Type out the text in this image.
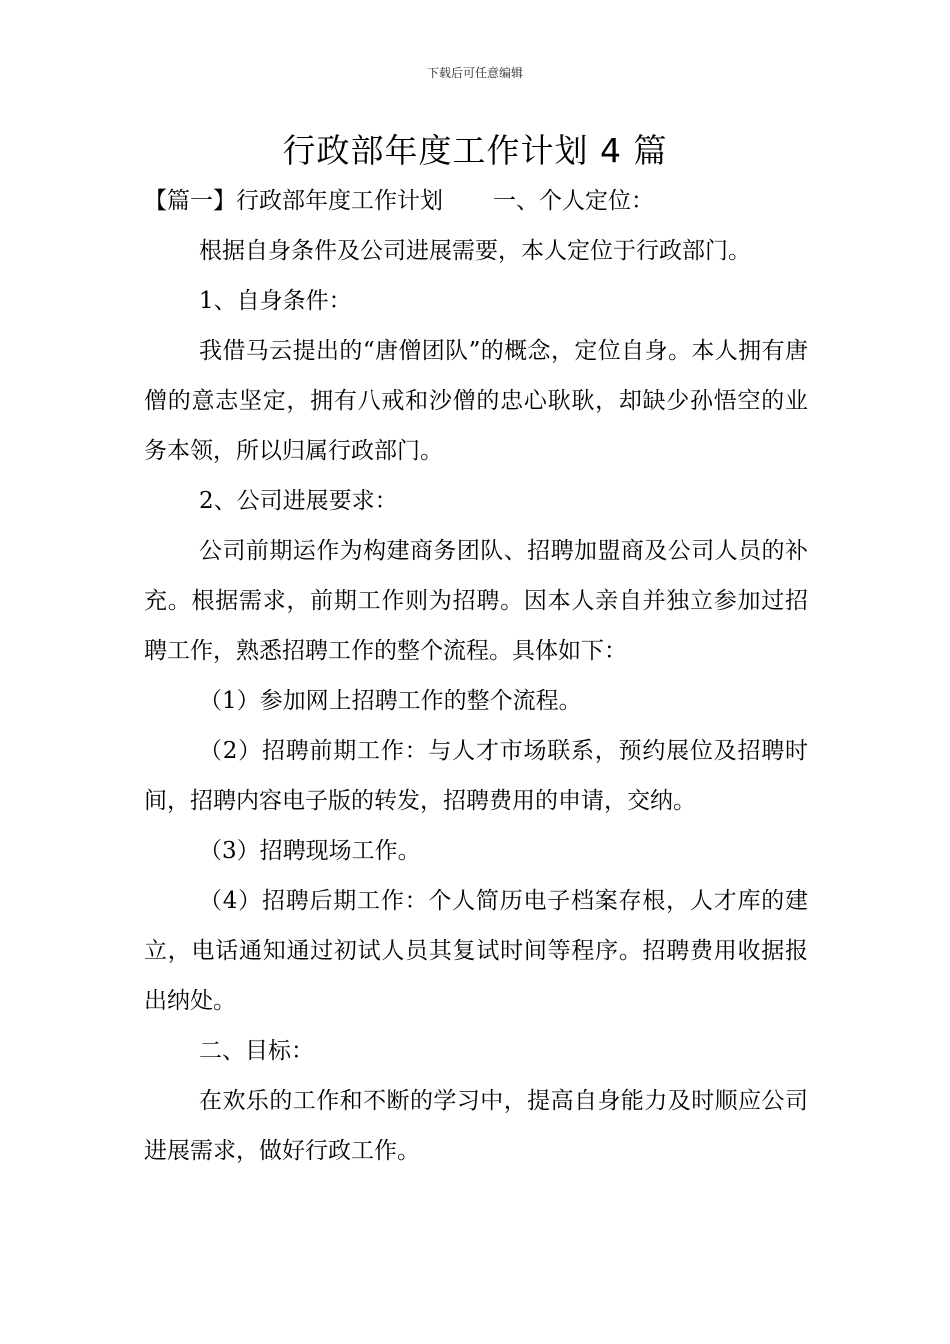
下载后可任意编辑
行政部年度工作计划 4 篇

【篇一】行政部年度工作计划 一、个人定位：

根据自身条件及公司进展需要，本人定位于行政部门。

1、自身条件：

我借马云提出的“唐僧团队”的概念，定位自身。本人拥有唐僧的意志坚定，拥有八戒和沙僧的忠心耿耿，却缺少孙悟空的业务本领，所以归属行政部门。

2、公司进展要求：

公司前期运作为构建商务团队、招聘加盟商及公司人员的补充。根据需求，前期工作则为招聘。因本人亲自并独立参加过招聘工作，熟悉招聘工作的整个流程。具体如下：

（1）参加网上招聘工作的整个流程。

（2）招聘前期工作：与人才市场联系，预约展位及招聘时间，招聘内容电子版的转发，招聘费用的申请，交纳。

（3）招聘现场工作。

（4）招聘后期工作：个人简历电子档案存根，人才库的建立，电话通知通过初试人员其复试时间等程序。招聘费用收据报出纳处。

二、目标：

在欢乐的工作和不断的学习中，提高自身能力及时顺应公司进展需求，做好行政工作。
